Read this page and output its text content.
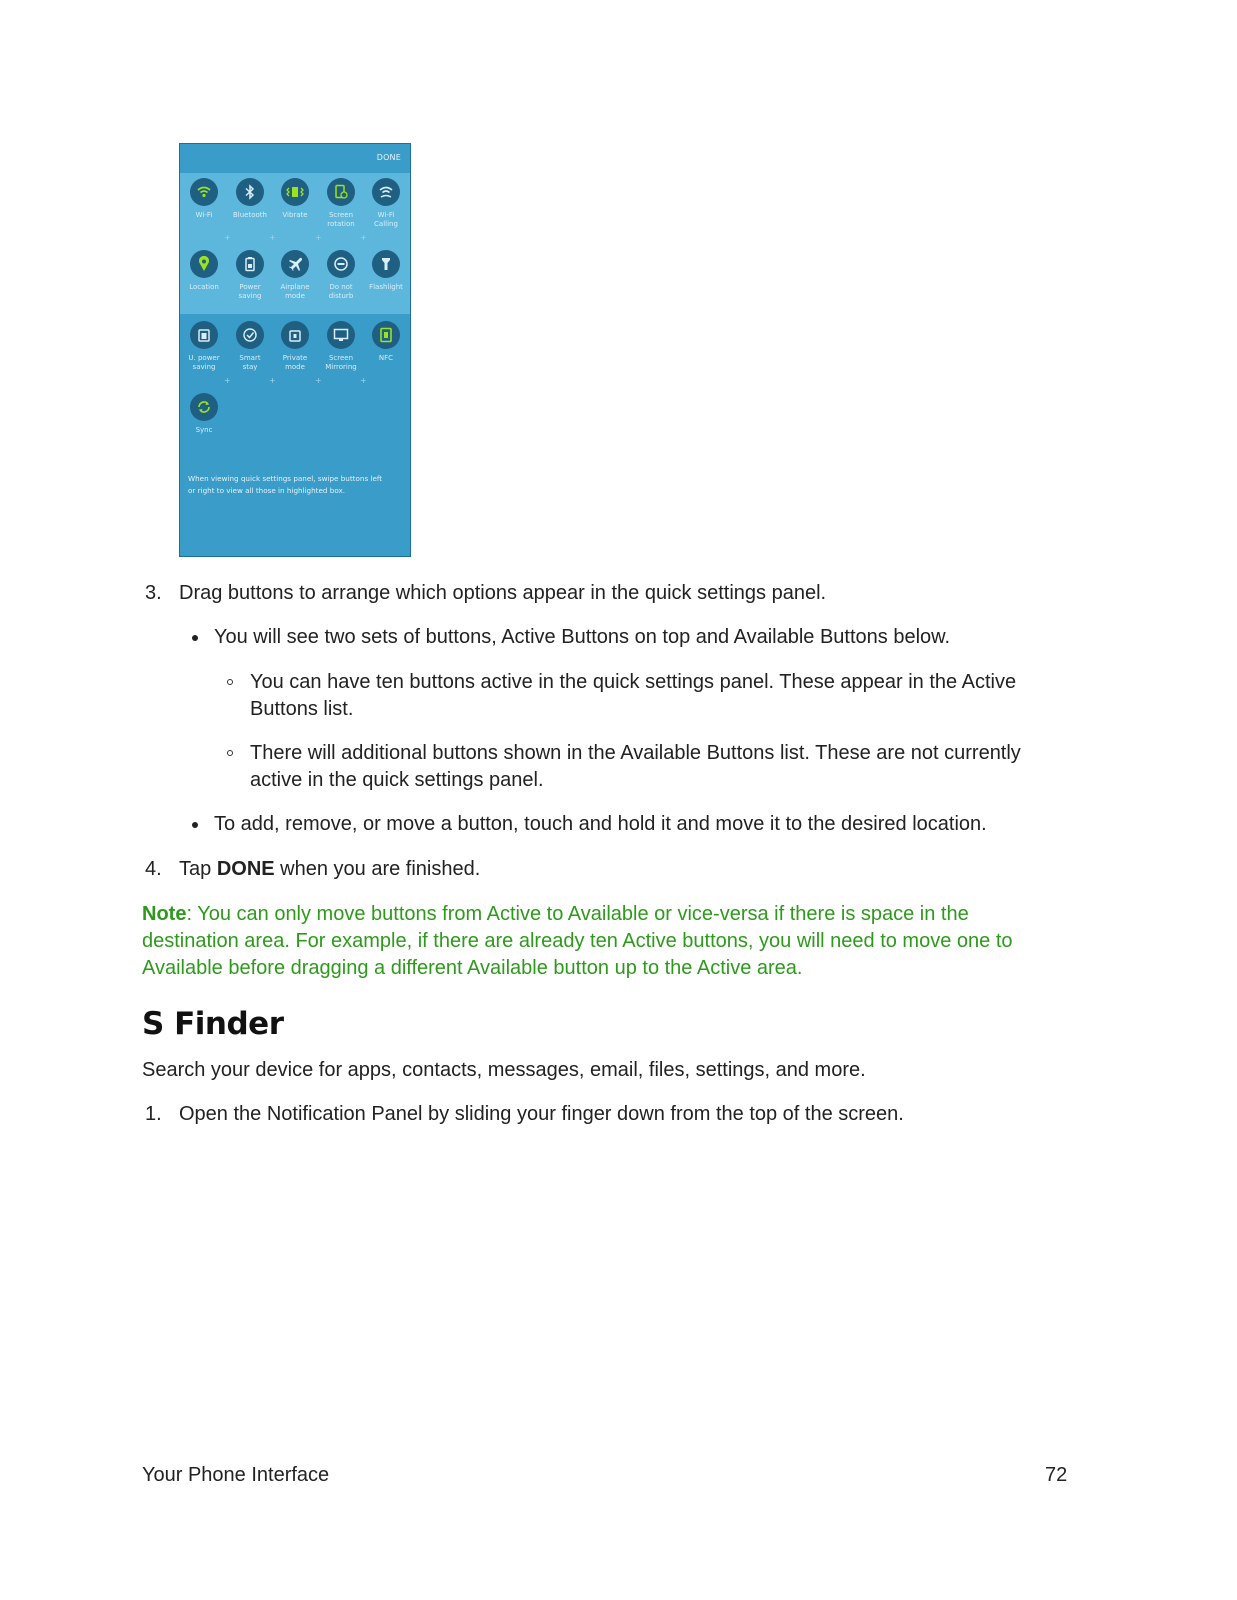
DONE
Wi-Fi	Bluetooth	Vibrate	Screen
rotation
Wi-Fi
Calling
+	+	+	+
Location	Power
saving
Airplane
mode
Do not
disturb
Flashlight
U. power
saving
Smart
stay
Private
mode
Screen
Mirroring
NFC
+	+	+	+
Sync
When viewing quick settings panel, swipe buttons left
or right to view all those in highlighted box.
3. Drag buttons to arrange which options appear in the quick settings panel.
You will see two sets of buttons, Active Buttons on top and Available Buttons below.
You can have ten buttons active in the quick settings panel. These appear in the Active
Buttons list.
There will additional buttons shown in the Available Buttons list. These are not currently
active in the quick settings panel.
To add, remove, or move a button, touch and hold it and move it to the desired location.
4. Tap DONE when you are finished.
Note: You can only move buttons from Active to Available or vice-versa if there is space in the
destination area. For example, if there are already ten Active buttons, you will need to move one to
Available before dragging a different Available button up to the Active area.
S Finder
Search your device for apps, contacts, messages, email, files, settings, and more.
1. Open the Notification Panel by sliding your finger down from the top of the screen.
Your Phone Interface	72
